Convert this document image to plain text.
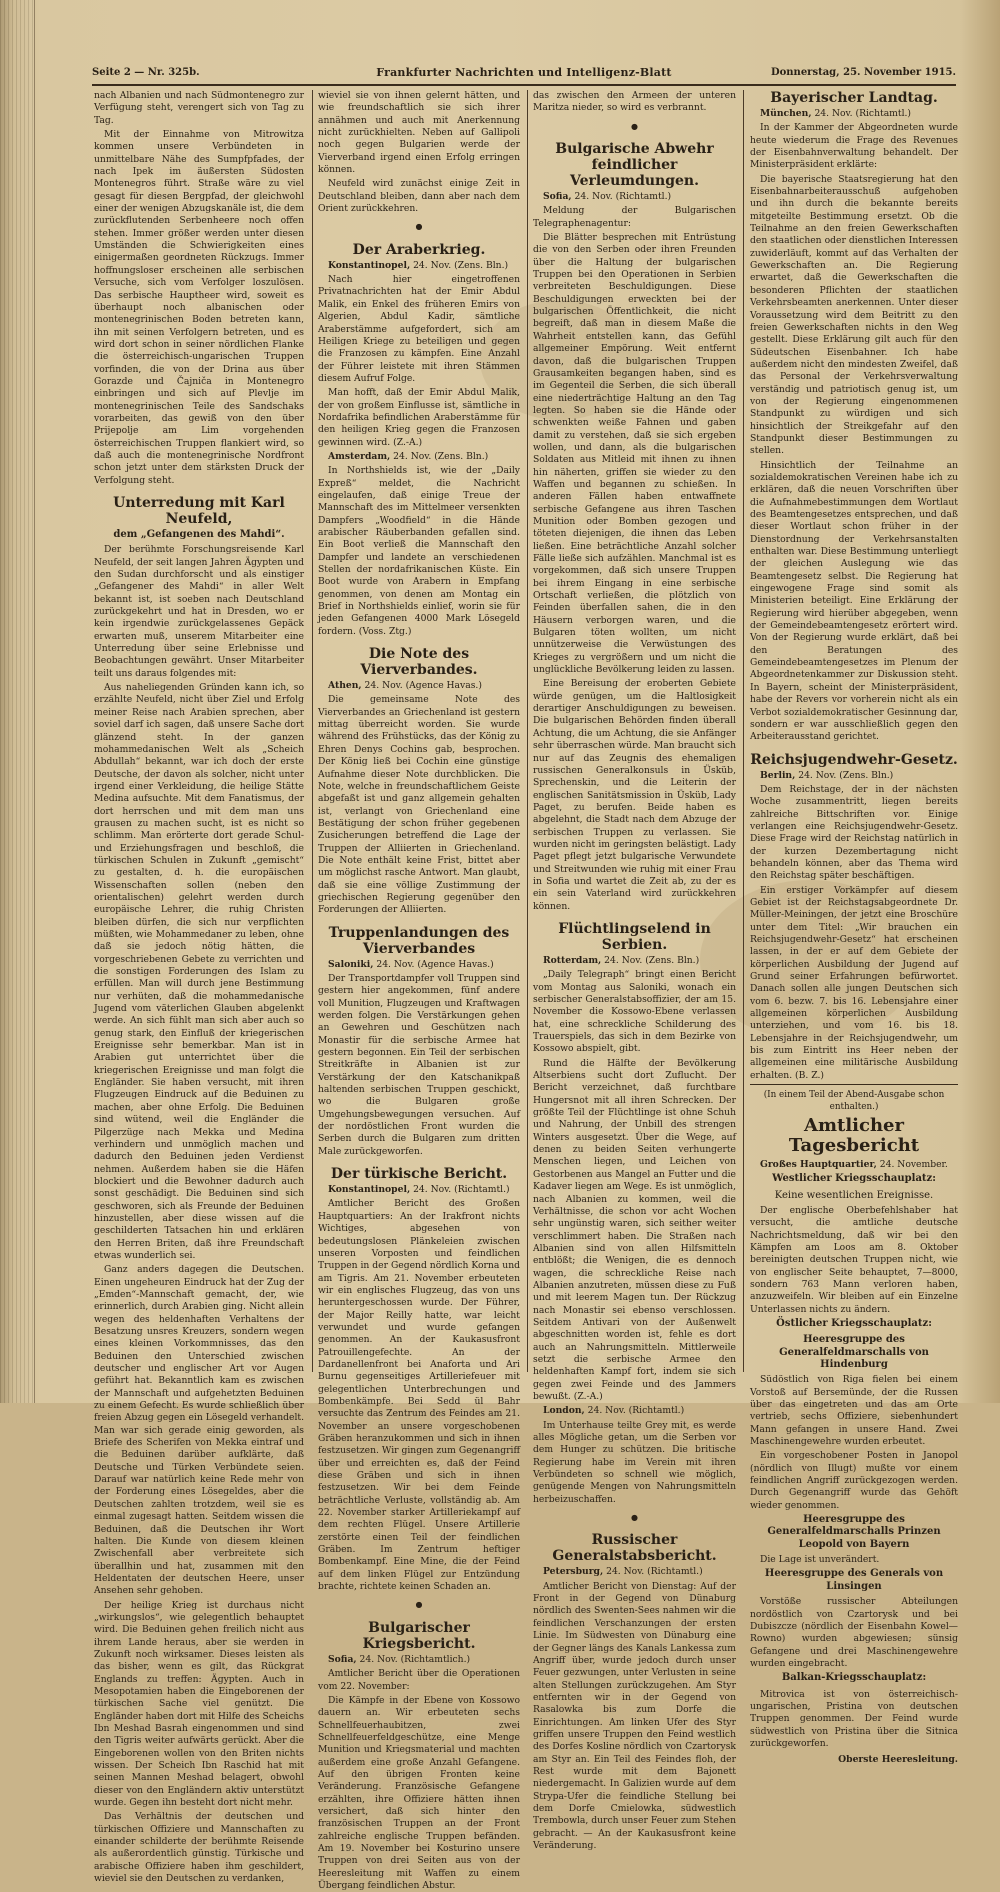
Seite 2 — Nr. 325b.	Frankfurter Nachrichten und Intelligenz-Blatt	Donnerstag, 25. November 1915.

nach Albanien und nach Südmontenegro zur Verfügung steht, verengert sich von Tag zu Tag.

Mit der Einnahme von Mitrowitza kommen unsere Verbündeten in unmittelbare Nähe des Sumpfpfades, der nach Ipek im äußersten Südosten Montenegros führt. Straße wäre zu viel gesagt für diesen Bergpfad, der gleichwohl einer der wenigen Abzugskanäle ist, die dem zurückflutenden Serbenheere noch offen stehen. Immer größer werden unter diesen Umständen die Schwierigkeiten eines einigermaßen geordneten Rückzugs. Immer hoffnungsloser erscheinen alle serbischen Versuche, sich vom Verfolger loszulösen. Das serbische Hauptheer wird, soweit es überhaupt noch albanischen oder montenegrinischen Boden betreten kann, ihn mit seinen Verfolgern betreten, und es wird dort schon in seiner nördlichen Flanke die österreichisch-ungarischen Truppen vorfinden, die von der Drina aus über Gorazde und Čajniča in Montenegro einbringen und sich auf Plevlje im montenegrinischen Teile des Sandschaks vorarbeiten, das gewiß von den über Prijepolje am Lim vorgehenden österreichischen Truppen flankiert wird, so daß auch die montenegrinische Nordfront schon jetzt unter dem stärksten Druck der Verfolgung steht.

Unterredung mit Karl Neufeld,
dem „Gefangenen des Mahdi“.

Der berühmte Forschungsreisende Karl Neufeld, der seit langen Jahren Ägypten und den Sudan durchforscht und als einstiger „Gefangener des Mahdi“ in aller Welt bekannt ist, ist soeben nach Deutschland zurückgekehrt und hat in Dresden, wo er kein irgendwie zurückgelassenes Gepäck erwarten muß, unserem Mitarbeiter eine Unterredung über seine Erlebnisse und Beobachtungen gewährt. Unser Mitarbeiter teilt uns daraus folgendes mit:

Aus naheliegenden Gründen kann ich, so erzählte Neufeld, nicht über Ziel und Erfolg meiner Reise nach Arabien sprechen, aber soviel darf ich sagen, daß unsere Sache dort glänzend steht. In der ganzen mohammedanischen Welt als „Scheich Abdullah“ bekannt, war ich doch der erste Deutsche, der davon als solcher, nicht unter irgend einer Verkleidung, die heilige Stätte Medina aufsuchte. Mit dem Fanatismus, der dort herrschen und mit dem man uns grausen zu machen sucht, ist es nicht so schlimm. Man erörterte dort gerade Schul- und Erziehungsfragen und beschloß, die türkischen Schulen in Zukunft „gemischt“ zu gestalten, d. h. die europäischen Wissenschaften sollen (neben den orientalischen) gelehrt werden durch europäische Lehrer, die ruhig Christen bleiben dürfen, die sich nur verpflichten müßten, wie Mohammedaner zu leben, ohne daß sie jedoch nötig hätten, die vorgeschriebenen Gebete zu verrichten und die sonstigen Forderungen des Islam zu erfüllen. Man will durch jene Bestimmung nur verhüten, daß die mohammedanische Jugend vom väterlichen Glauben abgelenkt werde. An sich fühlt man sich aber auch so genug stark, den Einfluß der kriegerischen Ereignisse sehr bemerkbar. Man ist in Arabien gut unterrichtet über die kriegerischen Ereignisse und man folgt die Engländer. Sie haben versucht, mit ihren Flugzeugen Eindruck auf die Beduinen zu machen, aber ohne Erfolg. Die Beduinen sind wütend, weil die Engländer die Pilgerzüge nach Mekka und Medina verhindern und unmöglich machen und dadurch den Beduinen jeden Verdienst nehmen. Außerdem haben sie die Häfen blockiert und die Bewohner dadurch auch sonst geschädigt. Die Beduinen sind sich geschworen, sich als Freunde der Beduinen hinzustellen, aber diese wissen auf die geschilderten Tatsachen hin und erklären den Herren Briten, daß ihre Freundschaft etwas wunderlich sei.

Ganz anders dagegen die Deutschen. Einen ungeheuren Eindruck hat der Zug der „Emden“-Mannschaft gemacht, der, wie erinnerlich, durch Arabien ging. Nicht allein wegen des heldenhaften Verhaltens der Besatzung unsres Kreuzers, sondern wegen eines kleinen Vorkommnisses, das den Beduinen den Unterschied zwischen deutscher und englischer Art vor Augen geführt hat. Bekanntlich kam es zwischen der Mannschaft und aufgehetzten Beduinen zu einem Gefecht. Es wurde schließlich über freien Abzug gegen ein Lösegeld verhandelt. Man war sich gerade einig geworden, als Briefe des Scherifen von Mekka eintraf und die Beduinen darüber aufklärte, daß Deutsche und Türken Verbündete seien. Darauf war natürlich keine Rede mehr von der Forderung eines Lösegeldes, aber die Deutschen zahlten trotzdem, weil sie es einmal zugesagt hatten. Seitdem wissen die Beduinen, daß die Deutschen ihr Wort halten. Die Kunde von diesem kleinen Zwischenfall aber verbreitete sich überallhin und hat, zusammen mit den Heldentaten der deutschen Heere, unser Ansehen sehr gehoben.

Der heilige Krieg ist durchaus nicht „wirkungslos“, wie gelegentlich behauptet wird. Die Beduinen gehen freilich nicht aus ihrem Lande heraus, aber sie werden in Zukunft noch wirksamer. Dieses leisten als das bisher, wenn es gilt, das Rückgrat Englands zu treffen: Ägypten. Auch in Mesopotamien haben die Eingeborenen der türkischen Sache viel genützt. Die Engländer haben dort mit Hilfe des Scheichs Ibn Meshad Basrah eingenommen und sind den Tigris weiter aufwärts gerückt. Aber die Eingeborenen wollen von den Briten nichts wissen. Der Scheich Ibn Raschid hat mit seinen Mannen Meshad belagert, obwohl dieser von den Engländern aktiv unterstützt wurde. Gegen ihn besteht dort nicht mehr.

Das Verhältnis der deutschen und türkischen Offiziere und Mannschaften zu einander schilderte der berühmte Reisende als außerordentlich günstig. Türkische und arabische Offiziere haben ihm geschildert, wieviel sie den Deutschen zu verdanken,

wieviel sie von ihnen gelernt hätten, und wie freundschaftlich sie sich ihrer annähmen und auch mit Anerkennung nicht zurückhielten. Neben auf Gallipoli noch gegen Bulgarien werde der Vierverband irgend einen Erfolg erringen können.

Neufeld wird zunächst einige Zeit in Deutschland bleiben, dann aber nach dem Orient zurückkehren.

●
Der Araberkrieg.

Konstantinopel, 24. Nov. (Zens. Bln.)

Nach hier eingetroffenen Privatnachrichten hat der Emir Abdul Malik, ein Enkel des früheren Emirs von Algerien, Abdul Kadir, sämtliche Araberstämme aufgefordert, sich am Heiligen Kriege zu beteiligen und gegen die Franzosen zu kämpfen. Eine Anzahl der Führer leistete mit ihren Stämmen diesem Aufruf Folge.

Man hofft, daß der Emir Abdul Malik, der von großem Einflusse ist, sämtliche in Nordafrika befindlichen Araberstämme für den heiligen Krieg gegen die Franzosen gewinnen wird. (Z.-A.)

Amsterdam, 24. Nov. (Zens. Bln.)

In Northshields ist, wie der „Daily Expreß“ meldet, die Nachricht eingelaufen, daß einige Treue der Mannschaft des im Mittelmeer versenkten Dampfers „Woodfield“ in die Hände arabischer Räuberbanden gefallen sind. Ein Boot verließ die Mannschaft den Dampfer und landete an verschiedenen Stellen der nordafrikanischen Küste. Ein Boot wurde von Arabern in Empfang genommen, von denen am Montag ein Brief in Northshields einlief, worin sie für jeden Gefangenen 4000 Mark Lösegeld fordern. (Voss. Ztg.)

Die Note des Vierverbandes.

Athen, 24. Nov. (Agence Havas.)

Die gemeinsame Note des Vierverbandes an Griechenland ist gestern mittag überreicht worden. Sie wurde während des Frühstücks, das der König zu Ehren Denys Cochins gab, besprochen. Der König ließ bei Cochin eine günstige Aufnahme dieser Note durchblicken. Die Note, welche in freundschaftlichem Geiste abgefaßt ist und ganz allgemein gehalten ist, verlangt von Griechenland eine Bestätigung der schon früher gegebenen Zusicherungen betreffend die Lage der Truppen der Alliierten in Griechenland. Die Note enthält keine Frist, bittet aber um möglichst rasche Antwort. Man glaubt, daß sie eine völlige Zustimmung der griechischen Regierung gegenüber den Forderungen der Alliierten.

Truppenlandungen des Vierverbandes

Saloniki, 24. Nov. (Agence Havas.)

Der Transportdampfer voll Truppen sind gestern hier angekommen, fünf andere voll Munition, Flugzeugen und Kraftwagen werden folgen. Die Verstärkungen gehen an Gewehren und Geschützen nach Monastir für die serbische Armee hat gestern begonnen. Ein Teil der serbischen Streitkräfte in Albanien ist zur Verstärkung der den Katschanikpaß haltenden serbischen Truppen geschickt, wo die Bulgaren große Umgehungsbewegungen versuchen. Auf der nordöstlichen Front wurden die Serben durch die Bulgaren zum dritten Male zurückgeworfen.

Der türkische Bericht.

Konstantinopel, 24. Nov. (Richtamtl.)

Amtlicher Bericht des Großen Hauptquartiers: An der Irakfront nichts Wichtiges, abgesehen von bedeutungslosen Plänkeleien zwischen unseren Vorposten und feindlichen Truppen in der Gegend nördlich Korna und am Tigris. Am 21. November erbeuteten wir ein englisches Flugzeug, das von uns heruntergeschossen wurde. Der Führer, der Major Reilly hatte, war leicht verwundet und wurde gefangen genommen. An der Kaukasusfront Patrouillengefechte. An der Dardanellenfront bei Anaforta und Ari Burnu gegenseitiges Artilleriefeuer mit gelegentlichen Unterbrechungen und Bombenkämpfe. Bei Sedd ül Bahr versuchte das Zentrum des Feindes am 21. November an unsere vorgeschobenen Gräben heranzukommen und sich in ihnen festzusetzen. Wir gingen zum Gegenangriff über und erreichten es, daß der Feind diese Gräben und sich in ihnen festzusetzen. Wir bei dem Feinde beträchtliche Verluste, vollständig ab. Am 22. November starker Artilleriekampf auf dem rechten Flügel. Unsere Artillerie zerstörte einen Teil der feindlichen Gräben. Im Zentrum heftiger Bombenkampf. Eine Mine, die der Feind auf dem linken Flügel zur Entzündung brachte, richtete keinen Schaden an.

●
Bulgarischer Kriegsbericht.

Sofia, 24. Nov. (Richtamtlich.)

Amtlicher Bericht über die Operationen vom 22. November:

Die Kämpfe in der Ebene von Kossowo dauern an. Wir erbeuteten sechs Schnellfeuerhaubitzen, zwei Schnellfeuerfeldgeschütze, eine Menge Munition und Kriegsmaterial und machten außerdem eine große Anzahl Gefangene. Auf den übrigen Fronten keine Veränderung. Französische Gefangene erzählten, ihre Offiziere hätten ihnen versichert, daß sich hinter den französischen Truppen an der Front zahlreiche englische Truppen befänden. Am 19. November bei Kosturino unsere Truppen von drei Seiten aus von der Heeresleitung mit Waffen zu einem Übergang feindlichen Abstur.

das zwischen den Armeen der unteren Maritza nieder, so wird es verbrannt.

●
Bulgarische Abwehr feindlicher Verleumdungen.

Sofia, 24. Nov. (Richtamtl.)

Meldung der Bulgarischen Telegraphenagentur:

Die Blätter besprechen mit Entrüstung die von den Serben oder ihren Freunden über die Haltung der bulgarischen Truppen bei den Operationen in Serbien verbreiteten Beschuldigungen. Diese Beschuldigungen erweckten bei der bulgarischen Öffentlichkeit, die nicht begreift, daß man in diesem Maße die Wahrheit entstellen kann, das Gefühl allgemeiner Empörung. Weit entfernt davon, daß die bulgarischen Truppen Grausamkeiten begangen haben, sind es im Gegenteil die Serben, die sich überall eine niederträchtige Haltung an den Tag legten. So haben sie die Hände oder schwenkten weiße Fahnen und gaben damit zu verstehen, daß sie sich ergeben wollen, und dann, als die bulgarischen Soldaten aus Mitleid mit ihnen zu ihnen hin näherten, griffen sie wieder zu den Waffen und begannen zu schießen. In anderen Fällen haben entwaffnete serbische Gefangene aus ihren Taschen Munition oder Bomben gezogen und töteten diejenigen, die ihnen das Leben ließen. Eine beträchtliche Anzahl solcher Fälle ließe sich aufzählen. Manchmal ist es vorgekommen, daß sich unsere Truppen bei ihrem Eingang in eine serbische Ortschaft verließen, die plötzlich von Feinden überfallen sahen, die in den Häusern verborgen waren, und die Bulgaren töten wollten, um nicht unnützerweise die Verwüstungen des Krieges zu vergrößern und um nicht die unglückliche Bevölkerung leiden zu lassen.

Eine Bereisung der eroberten Gebiete würde genügen, um die Haltlosigkeit derartiger Anschuldigungen zu beweisen. Die bulgarischen Behörden finden überall Achtung, die um Achtung, die sie Anfänger sehr überraschen würde. Man braucht sich nur auf das Zeugnis des ehemaligen russischen Generalkonsuls in Üsküb, Sprechenskin, und die Leiterin der englischen Sanitätsmission in Üsküb, Lady Paget, zu berufen. Beide haben es abgelehnt, die Stadt nach dem Abzuge der serbischen Truppen zu verlassen. Sie wurden nicht im geringsten belästigt. Lady Paget pflegt jetzt bulgarische Verwundete und Streitwunden wie ruhig mit einer Frau in Sofia und wartet die Zeit ab, zu der es ein sein Vaterland wird zurückkehren können.

Flüchtlingselend in Serbien.

Rotterdam, 24. Nov. (Zens. Bln.)

„Daily Telegraph“ bringt einen Bericht vom Montag aus Saloniki, wonach ein serbischer Generalstabsoffizier, der am 15. November die Kossowo-Ebene verlassen hat, eine schreckliche Schilderung des Trauerspiels, das sich in dem Bezirke von Kossowo abspielt, gibt.

Rund die Hälfte der Bevölkerung Altserbiens sucht dort Zuflucht. Der Bericht verzeichnet, daß furchtbare Hungersnot mit all ihren Schrecken. Der größte Teil der Flüchtlinge ist ohne Schuh und Nahrung, der Unbill des strengen Winters ausgesetzt. Über die Wege, auf denen zu beiden Seiten verhungerte Menschen liegen, und Leichen von Gestorbenen aus Mangel an Futter und die Kadaver liegen am Wege. Es ist unmöglich, nach Albanien zu kommen, weil die Verhältnisse, die schon vor acht Wochen sehr ungünstig waren, sich seither weiter verschlimmert haben. Die Straßen nach Albanien sind von allen Hilfsmitteln entblößt; die Wenigen, die es dennoch wagen, die schreckliche Reise nach Albanien anzutreten, müssen diese zu Fuß und mit leerem Magen tun. Der Rückzug nach Monastir sei ebenso verschlossen. Seitdem Antivari von der Außenwelt abgeschnitten worden ist, fehle es dort auch an Nahrungsmitteln. Mittlerweile setzt die serbische Armee den heldenhaften Kampf fort, indem sie sich gegen zwei Feinde und des Jammers bewußt. (Z.-A.)

London, 24. Nov. (Richtamtl.)

Im Unterhause teilte Grey mit, es werde alles Mögliche getan, um die Serben vor dem Hunger zu schützen. Die britische Regierung habe im Verein mit ihren Verbündeten so schnell wie möglich, genügende Mengen von Nahrungsmitteln herbeizuschaffen.

●
Russischer Generalstabsbericht.

Petersburg, 24. Nov. (Richtamtl.)

Amtlicher Bericht von Dienstag: Auf der Front in der Gegend von Dünaburg nördlich des Swenten-Sees nahmen wir die feindlichen Verschanzungen der ersten Linie. Im Südwesten von Dünaburg eine der Gegner längs des Kanals Lankessa zum Angriff über, wurde jedoch durch unser Feuer gezwungen, unter Verlusten in seine alten Stellungen zurückzugehen. Am Styr entfernten wir in der Gegend von Rasalowka bis zum Dorfe die Einrichtungen. Am linken Ufer des Styr griffen unsere Truppen den Feind westlich des Dorfes Kosline nördlich von Czartorysk am Styr an. Ein Teil des Feindes floh, der Rest wurde mit dem Bajonett niedergemacht. In Galizien wurde auf dem Strypa-Ufer die feindliche Stellung bei dem Dorfe Cmielowka, südwestlich Trembowla, durch unser Feuer zum Stehen gebracht. — An der Kaukasusfront keine Veränderung.

Bayerischer Landtag.

München, 24. Nov. (Richtamtl.)

In der Kammer der Abgeordneten wurde heute wiederum die Frage des Revenues der Eisenbahnverwaltung behandelt. Der Ministerpräsident erklärte:

Die bayerische Staatsregierung hat den Eisenbahnarbeiterausschuß aufgehoben und ihn durch die bekannte bereits mitgeteilte Bestimmung ersetzt. Ob die Teilnahme an den freien Gewerkschaften den staatlichen oder dienstlichen Interessen zuwiderläuft, kommt auf das Verhalten der Gewerkschaften an. Die Regierung erwartet, daß die Gewerkschaften die besonderen Pflichten der staatlichen Verkehrsbeamten anerkennen. Unter dieser Voraussetzung wird dem Beitritt zu den freien Gewerkschaften nichts in den Weg gestellt. Diese Erklärung gilt auch für den Südeutschen Eisenbahner. Ich habe außerdem nicht den mindesten Zweifel, daß das Personal der Verkehrsverwaltung verständig und patriotisch genug ist, um von der Regierung eingenommenen Standpunkt zu würdigen und sich hinsichtlich der Streikgefahr auf den Standpunkt dieser Bestimmungen zu stellen.

Hinsichtlich der Teilnahme an sozialdemokratischen Vereinen habe ich zu erklären, daß die neuen Vorschriften über die Aufnahmebestimmungen dem Wortlaut des Beamtengesetzes entsprechen, und daß dieser Wortlaut schon früher in der Dienstordnung der Verkehrsanstalten enthalten war. Diese Bestimmung unterliegt der gleichen Auslegung wie das Beamtengesetz selbst. Die Regierung hat eingewogene Frage sind somit als Ministerien beteiligt. Eine Erklärung der Regierung wird hierüber abgegeben, wenn der Gemeindebeamtengesetz erörtert wird. Von der Regierung wurde erklärt, daß bei den Beratungen des Gemeindebeamtengesetzes im Plenum der Abgeordnetenkammer zur Diskussion steht. In Bayern, scheint der Ministerpräsident, habe der Revers vor vorherein nicht als ein Verbot sozialdemokratischer Gesinnung dar, sondern er war ausschließlich gegen den Arbeiterausstand gerichtet.

Reichsjugendwehr-Gesetz.

Berlin, 24. Nov. (Zens. Bln.)

Dem Reichstage, der in der nächsten Woche zusammentritt, liegen bereits zahlreiche Bittschriften vor. Einige verlangen eine Reichsjugendwehr-Gesetz. Diese Frage wird der Reichstag natürlich in der kurzen Dezembertagung nicht behandeln können, aber das Thema wird den Reichstag später beschäftigen.

Ein erstiger Vorkämpfer auf diesem Gebiet ist der Reichstagsabgeordnete Dr. Müller-Meiningen, der jetzt eine Broschüre unter dem Titel: „Wir brauchen ein Reichsjugendwehr-Gesetz“ hat erscheinen lassen, in der er auf dem Gebiete der körperlichen Ausbildung der Jugend auf Grund seiner Erfahrungen befürwortet. Danach sollen alle jungen Deutschen sich vom 6. bezw. 7. bis 16. Lebensjahre einer allgemeinen körperlichen Ausbildung unterziehen, und vom 16. bis 18. Lebensjahre in der Reichsjugendwehr, um bis zum Eintritt ins Heer neben der allgemeinen eine militärische Ausbildung erhalten. (B. Z.)

(In einem Teil der Abend-Ausgabe schon enthalten.)
Amtlicher Tagesbericht

Großes Hauptquartier, 24. November.

Westlicher Kriegsschauplatz:
Keine wesentlichen Ereignisse.

Der englische Oberbefehlshaber hat versucht, die amtliche deutsche Nachrichtsmeldung, daß wir bei den Kämpfen am Loos am 8. Oktober bereinigten deutschen Truppen nicht, wie von englischer Seite behauptet, 7—8000, sondern 763 Mann verloren haben, anzuzweifeln. Wir bleiben auf ein Einzelne Unterlassen nichts zu ändern.

Östlicher Kriegsschauplatz:
Heeresgruppe des Generalfeldmarschalls von Hindenburg

Südöstlich von Riga fielen bei einem Vorstoß auf Bersemünde, der die Russen über das eingetreten und das am Orte vertrieb, sechs Offiziere, siebenhundert Mann gefangen in unsere Hand. Zwei Maschinengewehre wurden erbeutet.

Ein vorgeschobener Posten in Janopol (nördlich von Illugt) mußte vor einem feindlichen Angriff zurückgezogen werden. Durch Gegenangriff wurde das Gehöft wieder genommen.

Heeresgruppe des Generalfeldmarschalls Prinzen Leopold von Bayern

Die Lage ist unverändert.

Heeresgruppe des Generals von Linsingen

Vorstöße russischer Abteilungen nordöstlich von Czartorysk und bei Dubiszcze (nördlich der Eisenbahn Kowel—Rowno) wurden abgewiesen; sünsig Gefangene und drei Maschinengewehre wurden eingebracht.

Balkan-Kriegsschauplatz:

Mitrovica ist von österreichisch-ungarischen, Pristina von deutschen Truppen genommen. Der Feind wurde südwestlich von Pristina über die Sitnica zurückgeworfen.

Oberste Heeresleitung.
